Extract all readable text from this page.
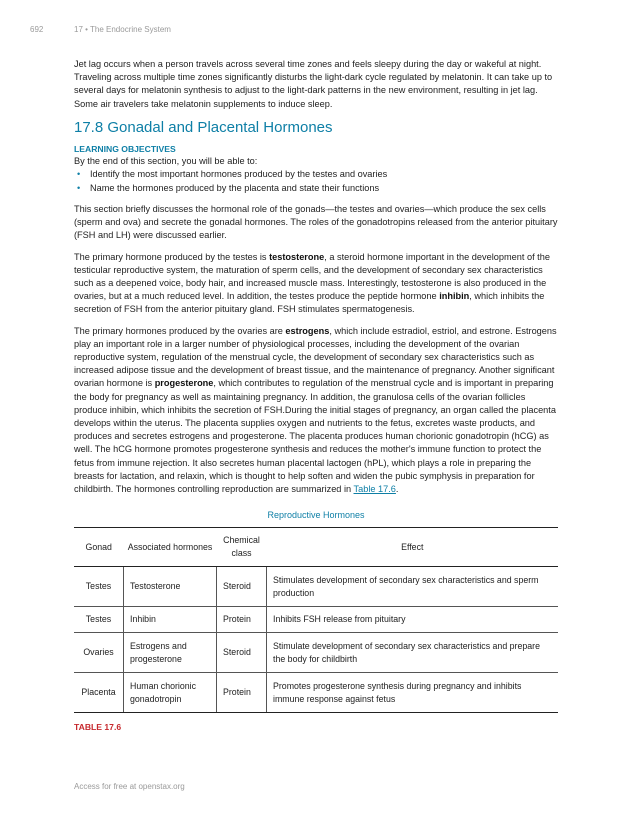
692	17 • The Endocrine System

Jet lag occurs when a person travels across several time zones and feels sleepy during the day or wakeful at night. Traveling across multiple time zones significantly disturbs the light-dark cycle regulated by melatonin. It can take up to several days for melatonin synthesis to adjust to the light-dark patterns in the new environment, resulting in jet lag. Some air travelers take melatonin supplements to induce sleep.

17.8 Gonadal and Placental Hormones
LEARNING OBJECTIVES

By the end of this section, you will be able to:

• Identify the most important hormones produced by the testes and ovaries
• Name the hormones produced by the placenta and state their functions

This section briefly discusses the hormonal role of the gonads—the testes and ovaries—which produce the sex cells (sperm and ova) and secrete the gonadal hormones. The roles of the gonadotropins released from the anterior pituitary (FSH and LH) were discussed earlier.

The primary hormone produced by the testes is testosterone, a steroid hormone important in the development of the testicular reproductive system, the maturation of sperm cells, and the development of secondary sex characteristics such as a deepened voice, body hair, and increased muscle mass. Interestingly, testosterone is also produced in the ovaries, but at a much reduced level. In addition, the testes produce the peptide hormone inhibin, which inhibits the secretion of FSH from the anterior pituitary gland. FSH stimulates spermatogenesis.

The primary hormones produced by the ovaries are estrogens, which include estradiol, estriol, and estrone. Estrogens play an important role in a larger number of physiological processes, including the development of the ovarian reproductive system, regulation of the menstrual cycle, the development of secondary sex characteristics such as increased adipose tissue and the development of breast tissue, and the maintenance of pregnancy. Another significant ovarian hormone is progesterone, which contributes to regulation of the menstrual cycle and is important in preparing the body for pregnancy as well as maintaining pregnancy. In addition, the granulosa cells of the ovarian follicles produce inhibin, which inhibits the secretion of FSH.During the initial stages of pregnancy, an organ called the placenta develops within the uterus. The placenta supplies oxygen and nutrients to the fetus, excretes waste products, and produces and secretes estrogens and progesterone. The placenta produces human chorionic gonadotropin (hCG) as well. The hCG hormone promotes progesterone synthesis and reduces the mother's immune function to protect the fetus from immune rejection. It also secretes human placental lactogen (hPL), which plays a role in preparing the breasts for lactation, and relaxin, which is thought to help soften and widen the pubic symphysis in preparation for childbirth. The hormones controlling reproduction are summarized in Table 17.6.

Reproductive Hormones
Gonad	Associated hormones	Chemical class	Effect
Testes	Testosterone	Steroid	Stimulates development of secondary sex characteristics and sperm production
Testes	Inhibin	Protein	Inhibits FSH release from pituitary
Ovaries	Estrogens and progesterone	Steroid	Stimulate development of secondary sex characteristics and prepare the body for childbirth
Placenta	Human chorionic gonadotropin	Protein	Promotes progesterone synthesis during pregnancy and inhibits immune response against fetus
TABLE 17.6
Access for free at openstax.org
